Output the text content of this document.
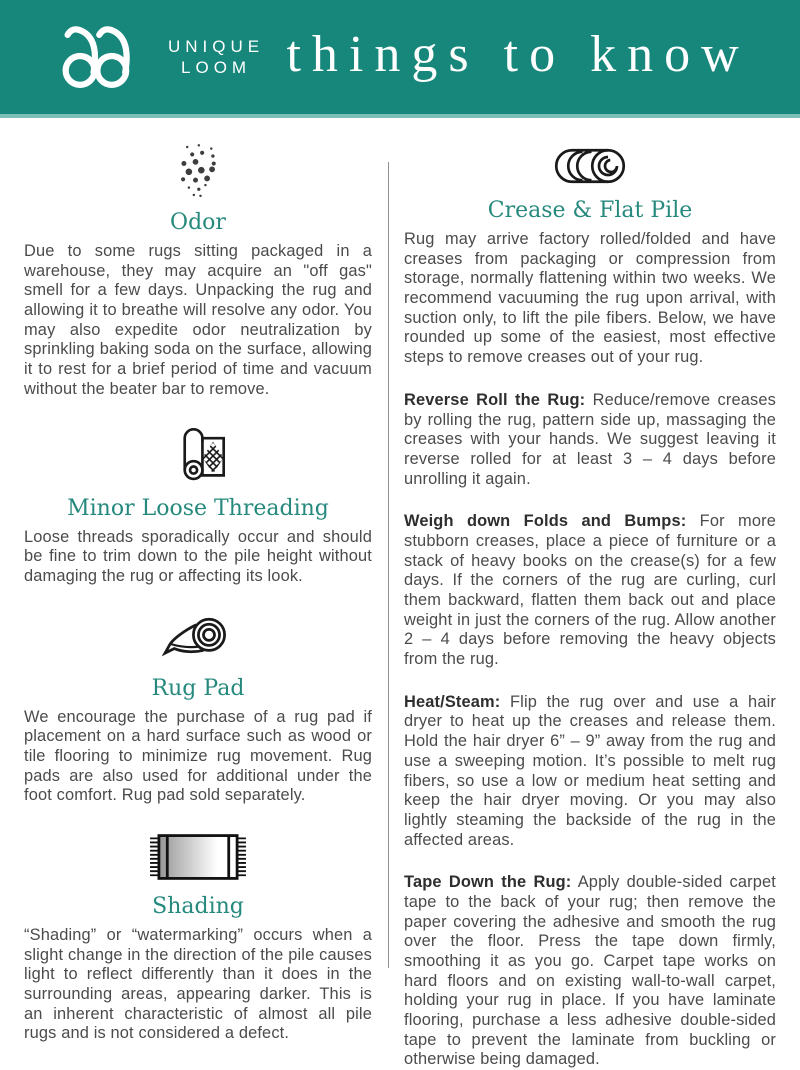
UNIQUE
LOOM things to know
Odor

Due to some rugs sitting packaged in a warehouse, they may acquire an "off gas" smell for a few days. Unpacking the rug and allowing it to breathe will resolve any odor. You may also expedite odor neutralization by sprinkling baking soda on the surface, allowing it to rest for a brief period of time and vacuum without the beater bar to remove.

Minor Loose Threading

Loose threads sporadically occur and should be fine to trim down to the pile height without damaging the rug or affecting its look.

Rug Pad

We encourage the purchase of a rug pad if placement on a hard surface such as wood or tile flooring to minimize rug movement. Rug pads are also used for additional under the foot comfort. Rug pad sold separately.

Shading

“Shading” or “watermarking” occurs when a slight change in the direction of the pile causes light to reflect differently than it does in the surrounding areas, appearing darker. This is an inherent characteristic of almost all pile rugs and is not considered a defect.

Crease & Flat Pile

Rug may arrive factory rolled/folded and have creases from packaging or compression from storage, normally flattening within two weeks. We recommend vacuuming the rug upon arrival, with suction only, to lift the pile fibers. Below, we have rounded up some of the easiest, most effective steps to remove creases out of your rug.

Reverse Roll the Rug: Reduce/remove creases by rolling the rug, pattern side up, massaging the creases with your hands. We suggest leaving it reverse rolled for at least 3 – 4 days before unrolling it again.

Weigh down Folds and Bumps: For more stubborn creases, place a piece of furniture or a stack of heavy books on the crease(s) for a few days. If the corners of the rug are curling, curl them backward, flatten them back out and place weight in just the corners of the rug. Allow another 2 – 4 days before removing the heavy objects from the rug.

Heat/Steam: Flip the rug over and use a hair dryer to heat up the creases and release them. Hold the hair dryer 6” – 9” away from the rug and use a sweeping motion. It’s possible to melt rug fibers, so use a low or medium heat setting and keep the hair dryer moving. Or you may also lightly steaming the backside of the rug in the affected areas.

Tape Down the Rug: Apply double-sided carpet tape to the back of your rug; then remove the paper covering the adhesive and smooth the rug over the floor. Press the tape down firmly, smoothing it as you go. Carpet tape works on hard floors and on existing wall-to-wall carpet, holding your rug in place. If you have laminate flooring, purchase a less adhesive double-sided tape to prevent the laminate from buckling or otherwise being damaged.
